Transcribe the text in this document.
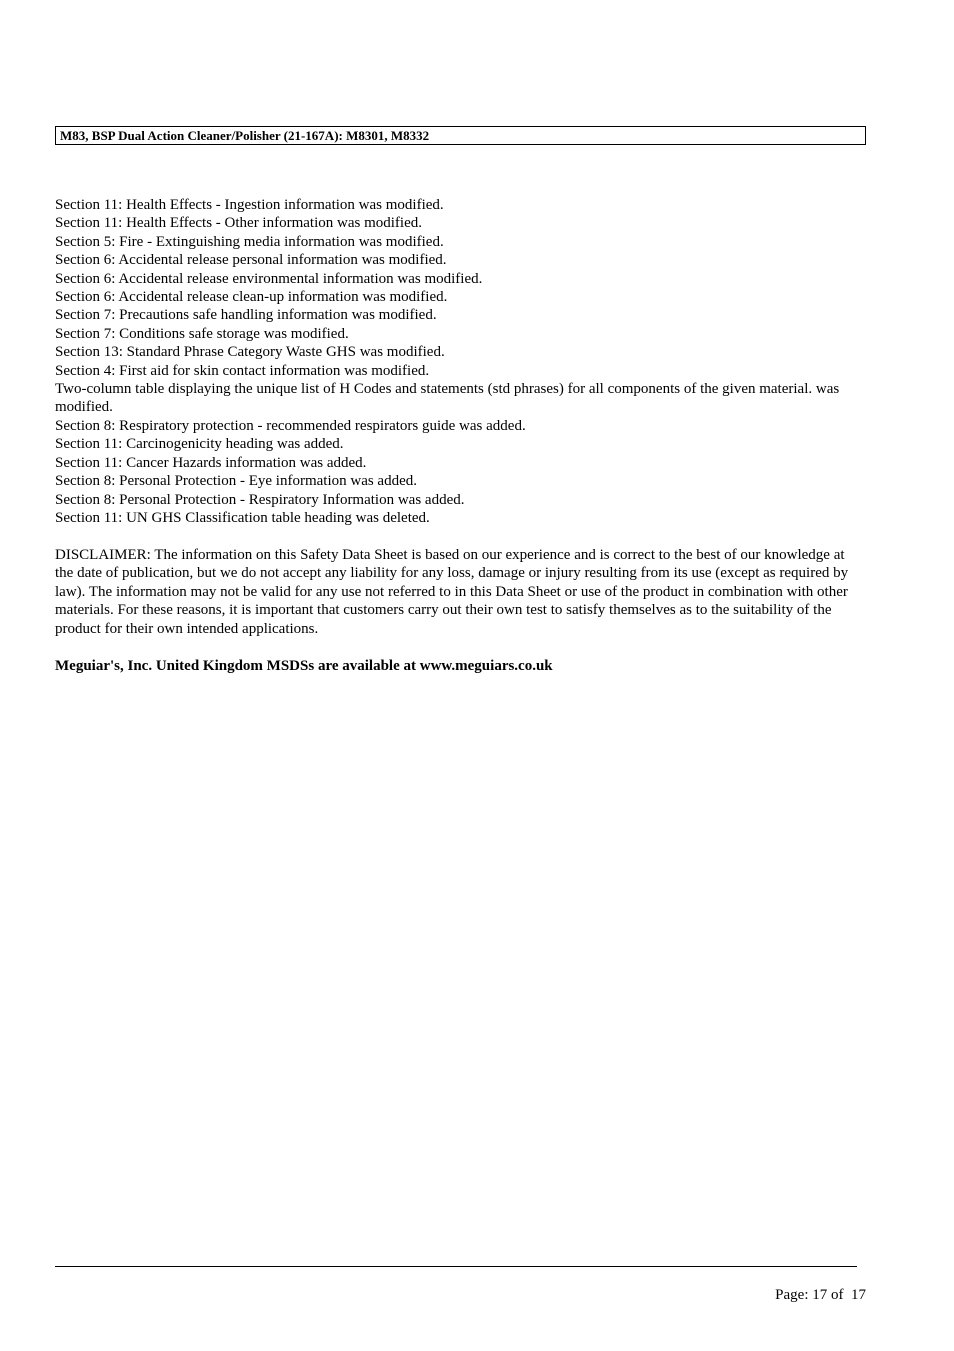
M83, BSP Dual Action Cleaner/Polisher (21-167A): M8301, M8332

Section 11: Health Effects - Ingestion information was modified.

Section 11: Health Effects - Other information was modified.

Section 5: Fire - Extinguishing media information was modified.

Section 6: Accidental release personal information was modified.

Section 6: Accidental release environmental information was modified.

Section 6: Accidental release clean-up information was modified.

Section 7: Precautions safe handling information was modified.

Section 7: Conditions safe storage was modified.

Section 13: Standard Phrase Category Waste GHS was modified.

Section 4: First aid for skin contact information was modified.

Two-column table displaying the unique list of H Codes and statements (std phrases) for all components of the given material. was modified.

Section 8: Respiratory protection - recommended respirators guide was added.

Section 11: Carcinogenicity heading was added.

Section 11: Cancer Hazards information was added.

Section 8: Personal Protection - Eye information was added.

Section 8: Personal Protection - Respiratory Information was added.

Section 11: UN GHS Classification table heading was deleted.

DISCLAIMER: The information on this Safety Data Sheet is based on our experience and is correct to the best of our knowledge at the date of publication, but we do not accept any liability for any loss, damage or injury resulting from its use (except as required by law). The information may not be valid for any use not referred to in this Data Sheet or use of the product in combination with other materials. For these reasons, it is important that customers carry out their own test to satisfy themselves as to the suitability of the product for their own intended applications.

Meguiar's, Inc. United Kingdom MSDSs are available at www.meguiars.co.uk

Page: 17 of  17
